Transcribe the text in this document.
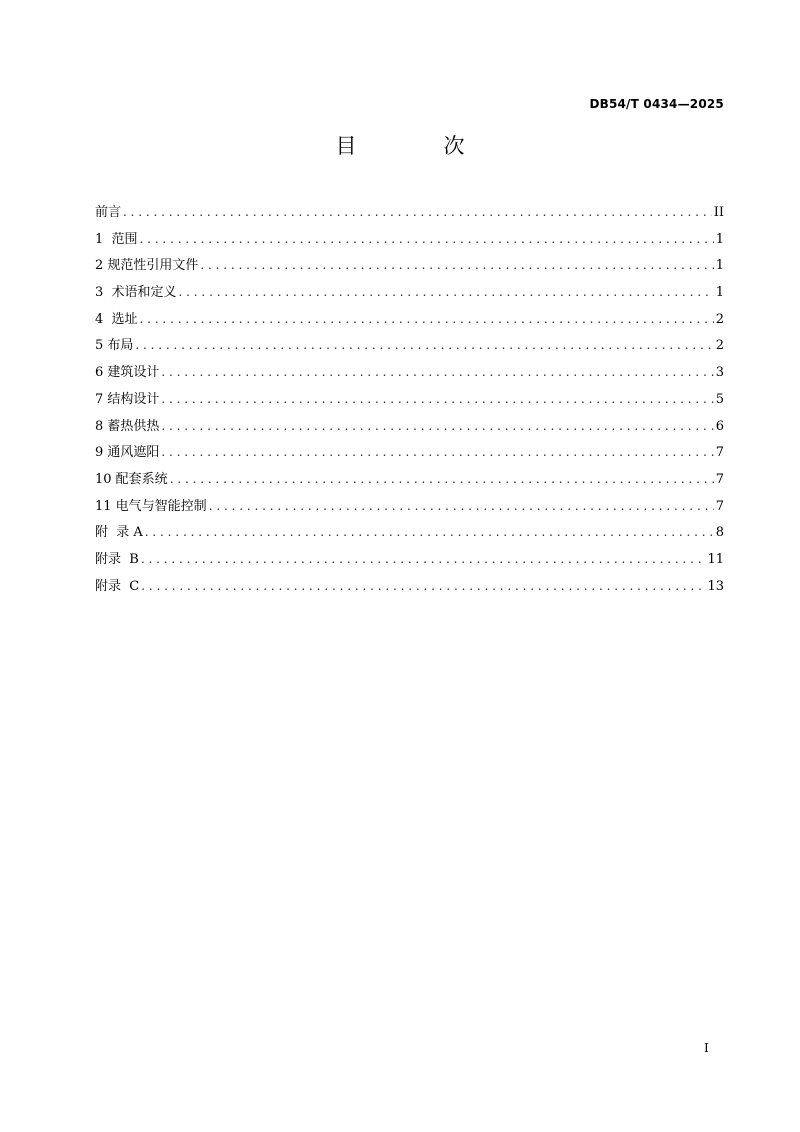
DB54/T 0434—2025
目　次
前言 . . .	II
1  范围 . . .	1
2 规范性引用文件 . . .	1
3  术语和定义 . . .	1
4  选址 . . .	2
5 布局 . . .	2
6 建筑设计 . . .	3
7 结构设计 . . .	5
8 蓄热供热 . . .	6
9 通风遮阳 . . .	7
10 配套系统 . . .	7
11 电气与智能控制 . . .	7
附  录 A . . .	8
附录  B . . .	11
附录  C . . .	13
I
